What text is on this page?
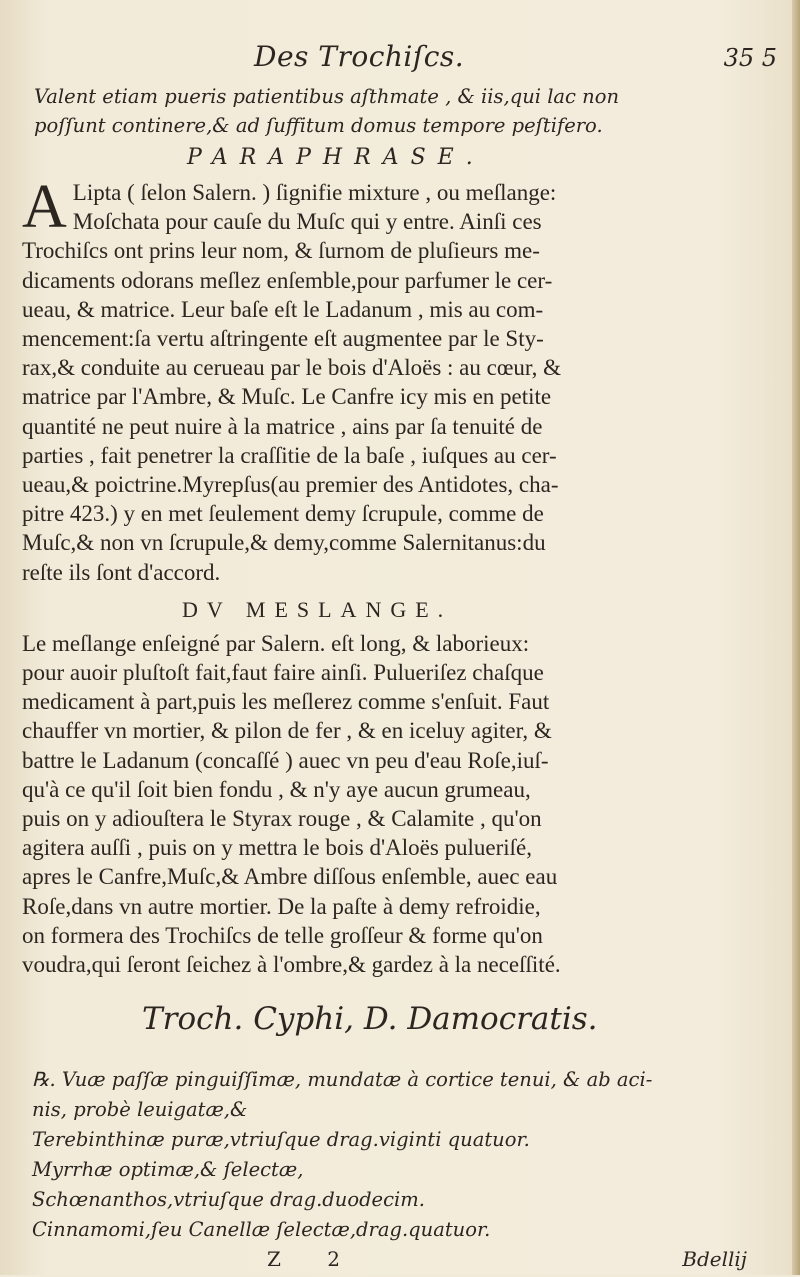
Des Trochiſcs.	35 5

Valent etiam pueris patientibus aſthmate , & iis,qui lac non
poſſunt continere,& ad ſuffitum domus tempore peſtifero.

PARAPHRASE.

A Lipta ( ſelon Salern. ) ſignifie mixture , ou meſlange:
Moſchata pour cauſe du Muſc qui y entre. Ainſi ces
Trochiſcs ont prins leur nom, & ſurnom de pluſieurs me-
dicaments odorans meſlez enſemble,pour parfumer le cer-
ueau, & matrice. Leur baſe eſt le Ladanum , mis au com-
mencement:ſa vertu aſtringente eſt augmentee par le Sty-
rax,& conduite au cerueau par le bois d'Aloës : au cœur, &
matrice par l'Ambre, & Muſc. Le Canfre icy mis en petite
quantité ne peut nuire à la matrice , ains par ſa tenuité de
parties , fait penetrer la craſſitie de la baſe , iuſques au cer-
ueau,& poictrine.Myrepſus(au premier des Antidotes, cha-
pitre 423.) y en met ſeulement demy ſcrupule, comme de
Muſc,& non vn ſcrupule,& demy,comme Salernitanus:du
reſte ils ſont d'accord.

DV MESLANGE.

Le meſlange enſeigné par Salern. eſt long, & laborieux:
pour auoir pluſtoſt fait,faut faire ainſi. Pulueriſez chaſque
medicament à part,puis les meſlerez comme s'enſuit. Faut
chauffer vn mortier, & pilon de fer , & en iceluy agiter, &
battre le Ladanum (concaſſé ) auec vn peu d'eau Roſe,iuſ-
qu'à ce qu'il ſoit bien fondu , & n'y aye aucun grumeau,
puis on y adiouſtera le Styrax rouge , & Calamite , qu'on
agitera auſſi , puis on y mettra le bois d'Aloës pulueriſé,
apres le Canfre,Muſc,& Ambre diſſous enſemble, auec eau
Roſe,dans vn autre mortier. De la paſte à demy refroidie,
on formera des Trochiſcs de telle groſſeur & forme qu'on
voudra,qui ſeront ſeichez à l'ombre,& gardez à la neceſſité.

Troch. Cyphi, D. Damocratis.

℞. Vuæ paſſæ pinguiſſimæ, mundatæ à cortice tenui, & ab aci-
nis, probè leuigatæ,&
Terebinthinæ puræ,vtriuſque drag.viginti quatuor.
Myrrhæ optimæ,& ſelectæ,
Schœnanthos,vtriuſque drag.duodecim.
Cinnamomi,ſeu Canellæ ſelectæ,drag.quatuor.

Z 2	Bdellij
